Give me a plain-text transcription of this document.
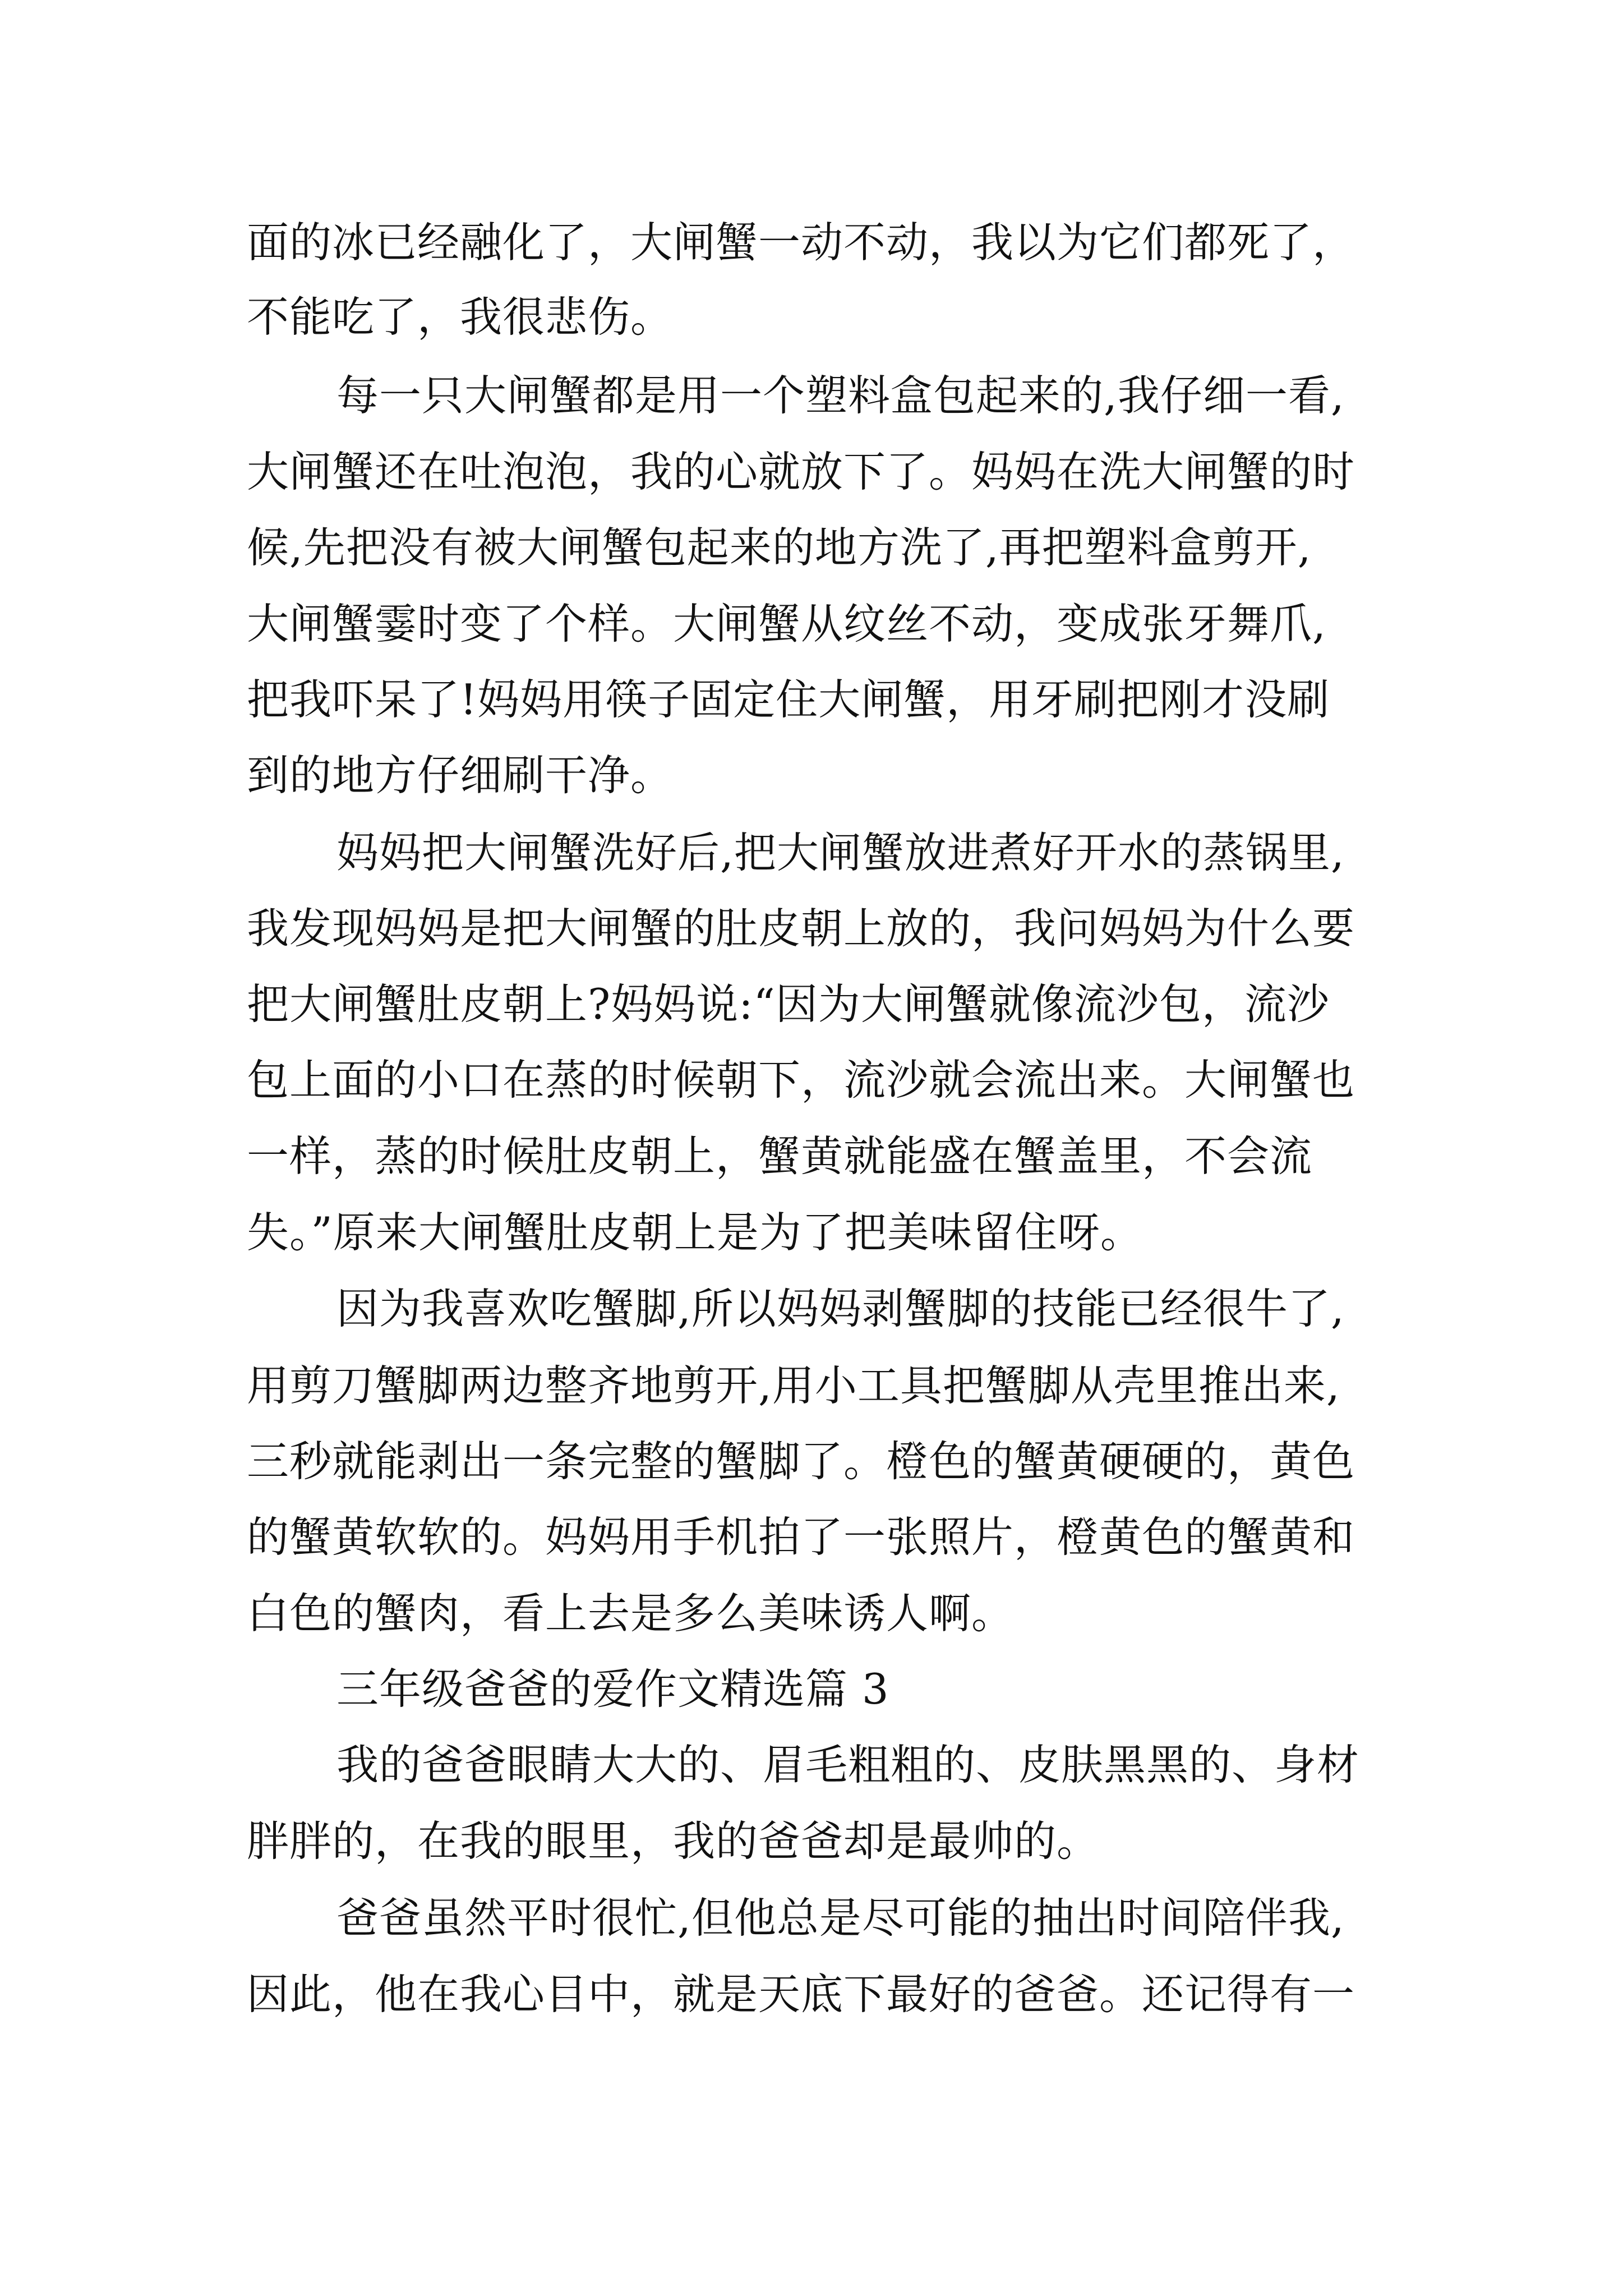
面的冰已经融化了，大闸蟹一动不动，我以为它们都死了，
不能吃了，我很悲伤。
每一只大闸蟹都是用一个塑料盒包起来的,我仔细一看,
大闸蟹还在吐泡泡，我的心就放下了。妈妈在洗大闸蟹的时
候,先把没有被大闸蟹包起来的地方洗了,再把塑料盒剪开,
大闸蟹霎时变了个样。大闸蟹从纹丝不动，变成张牙舞爪,
把我吓呆了!妈妈用筷子固定住大闸蟹，用牙刷把刚才没刷
到的地方仔细刷干净。
妈妈把大闸蟹洗好后,把大闸蟹放进煮好开水的蒸锅里,
我发现妈妈是把大闸蟹的肚皮朝上放的，我问妈妈为什么要
把大闸蟹肚皮朝上?妈妈说:“因为大闸蟹就像流沙包，流沙
包上面的小口在蒸的时候朝下，流沙就会流出来。大闸蟹也
一样，蒸的时候肚皮朝上，蟹黄就能盛在蟹盖里，不会流
失。”原来大闸蟹肚皮朝上是为了把美味留住呀。
因为我喜欢吃蟹脚,所以妈妈剥蟹脚的技能已经很牛了,
用剪刀蟹脚两边整齐地剪开,用小工具把蟹脚从壳里推出来,
三秒就能剥出一条完整的蟹脚了。橙色的蟹黄硬硬的，黄色
的蟹黄软软的。妈妈用手机拍了一张照片，橙黄色的蟹黄和
白色的蟹肉，看上去是多么美味诱人啊。
三年级爸爸的爱作文精选篇 3
我的爸爸眼睛大大的、眉毛粗粗的、皮肤黑黑的、身材
胖胖的，在我的眼里，我的爸爸却是最帅的。
爸爸虽然平时很忙,但他总是尽可能的抽出时间陪伴我,
因此，他在我心目中，就是天底下最好的爸爸。还记得有一
